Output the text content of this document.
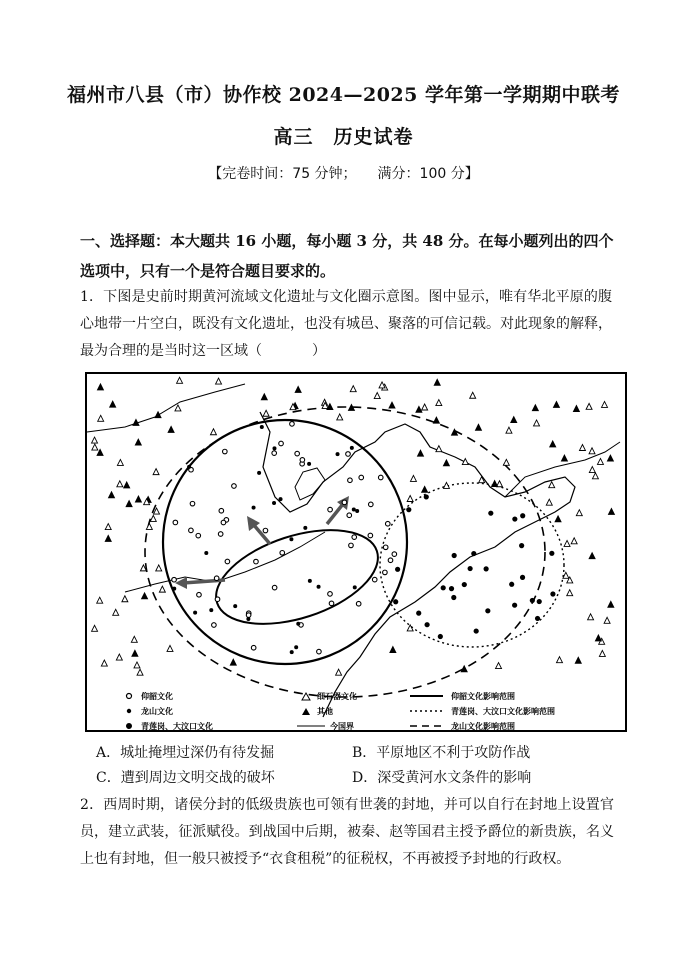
福州市八县（市）协作校 2024—2025 学年第一学期期中联考
高三　历史试卷
【完卷时间：75 分钟；　　满分：100 分】
一、选择题：本大题共 16 小题，每小题 3 分，共 48 分。在每小题列出的四个
选项中，只有一个是符合题目要求的。
1．下图是史前时期黄河流域文化遗址与文化圈示意图。图中显示，唯有华北平原的腹心地带一片空白，既没有文化遗址，也没有城邑、聚落的可信记载。对此现象的解释，最为合理的是当时这一区域（	）
仰韶文化
龙山文化
青莲岗、大汶口文化
细石器文化
其他
今国界
仰韶文化影响范围
青莲岗、大汶口文化影响范围
龙山文化影响范围
A．城址掩埋过深仍有待发掘	B．平原地区不利于攻防作战
C．遭到周边文明交战的破坏	D．深受黄河水文条件的影响
2．西周时期，诸侯分封的低级贵族也可领有世袭的封地，并可以自行在封地上设置官员，建立武装，征派赋役。到战国中后期，被秦、赵等国君主授予爵位的新贵族，名义上也有封地，但一般只被授予“衣食租税”的征税权，不再被授予封地的行政权。
